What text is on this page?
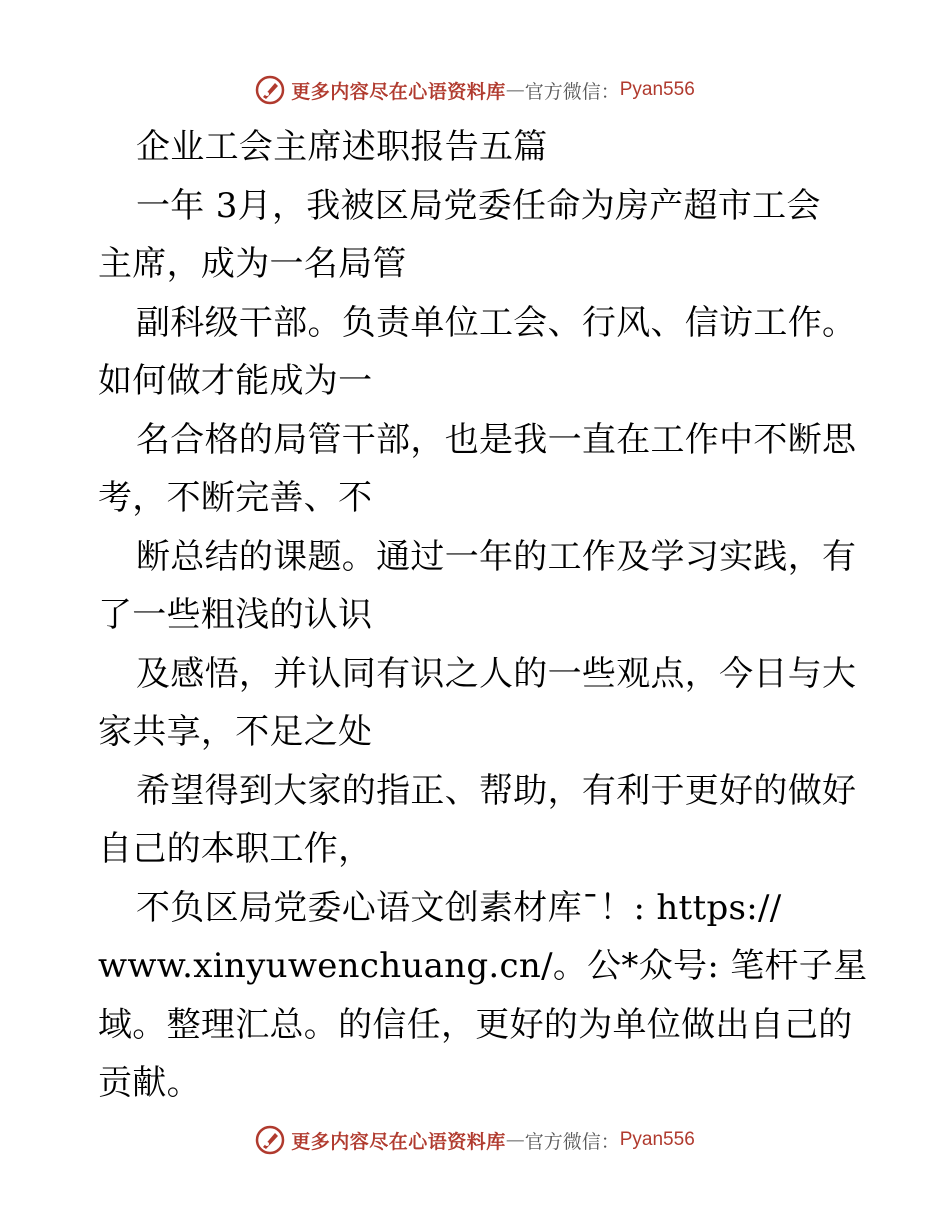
更多内容尽在心语资料库 — 官方微信： Pyan556
企业工会主席述职报告五篇
一年 3月，我被区局党委任命为房产超市工会
主席，成为一名局管
副科级干部。负责单位工会、行风、信访工作。
如何做才能成为一
名合格的局管干部，也是我一直在工作中不断思
考，不断完善、不
断总结的课题。通过一年的工作及学习实践，有
了一些粗浅的认识
及感悟，并认同有识之人的一些观点，今日与大
家共享，不足之处
希望得到大家的指正、帮助，有利于更好的做好
自己的本职工作，
不负区局党委心语文创素材库¯！: https://
www.xinyuwenchuang.cn/。公*众号: 笔杆子星
域。整理汇总。的信任，更好的为单位做出自己的
贡献。
更多内容尽在心语资料库 — 官方微信： Pyan556
